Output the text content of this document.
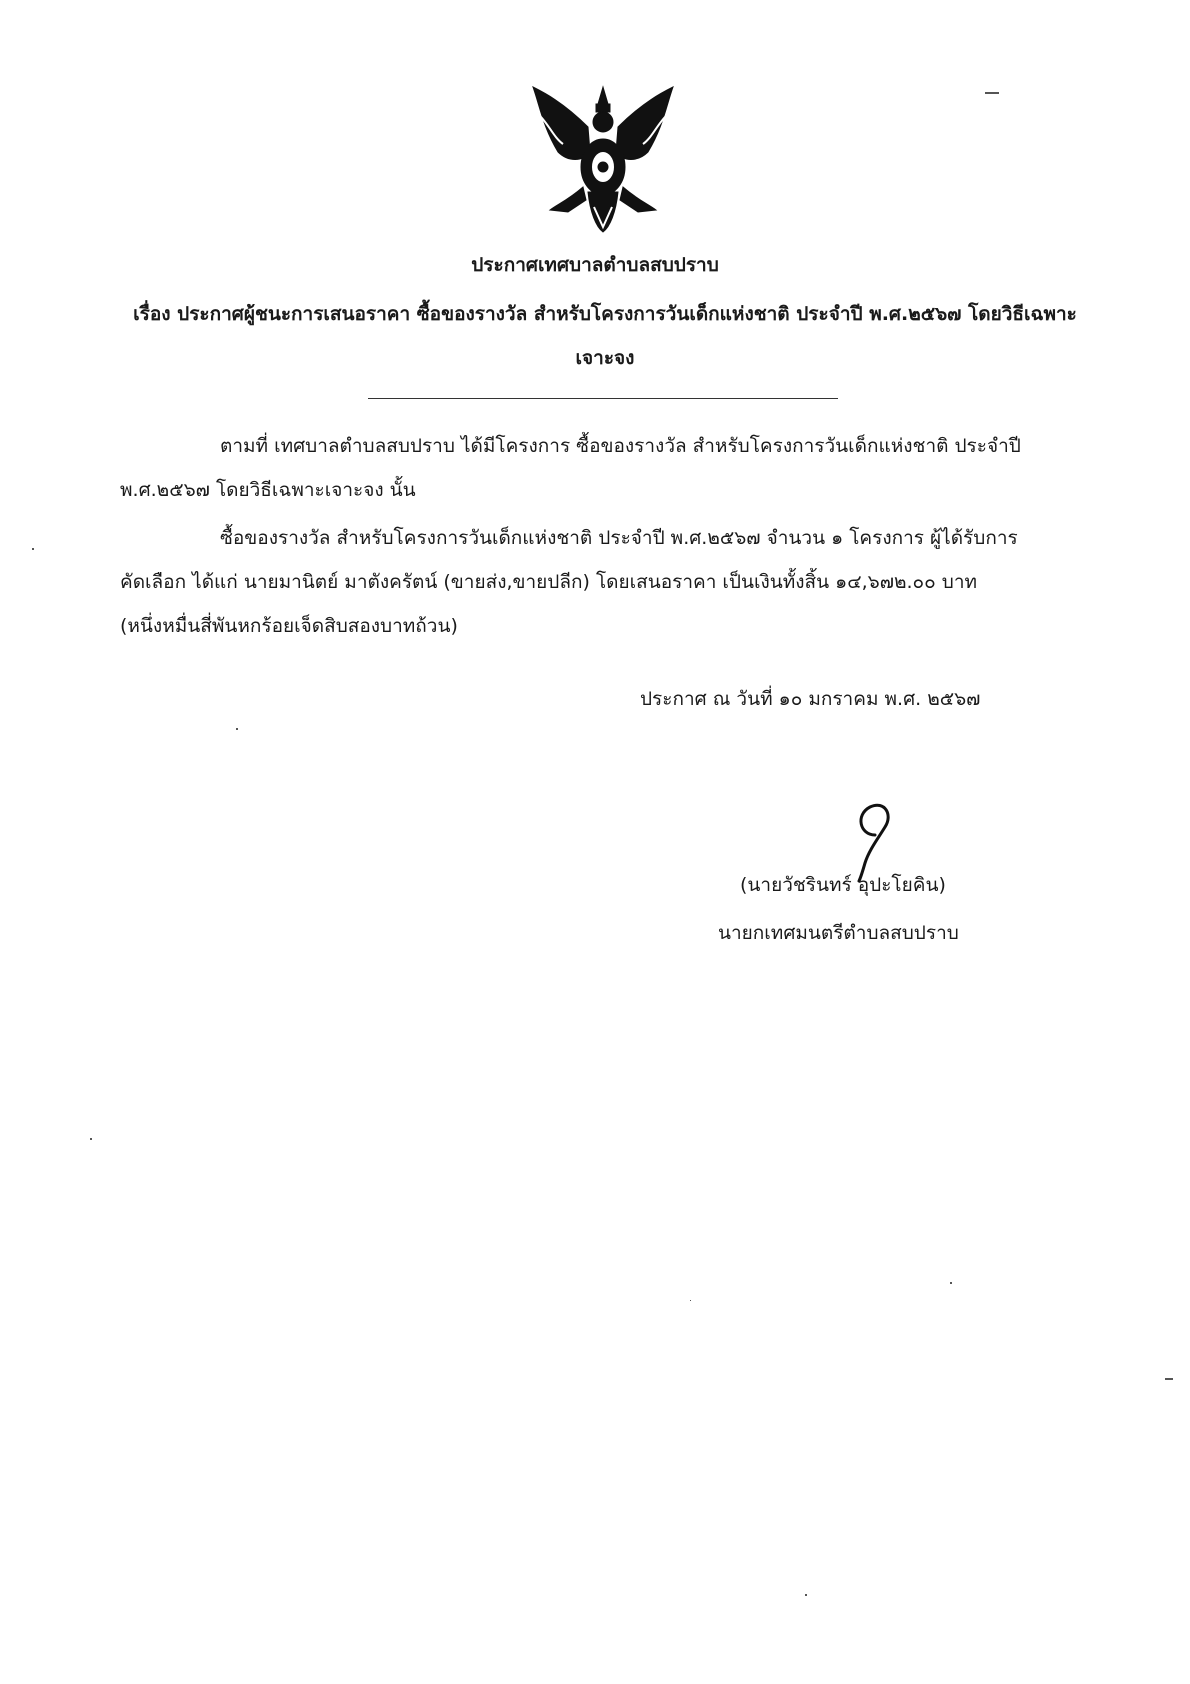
ประกาศเทศบาลตำบลสบปราบ
เรื่อง ประกาศผู้ชนะการเสนอราคา ซื้อของรางวัล สำหรับโครงการวันเด็กแห่งชาติ ประจำปี พ.ศ.๒๕๖๗ โดยวิธีเฉพาะเจาะจง
ตามที่ เทศบาลตำบลสบปราบ ได้มีโครงการ ซื้อของรางวัล สำหรับโครงการวันเด็กแห่งชาติ ประจำปี
พ.ศ.๒๕๖๗ โดยวิธีเฉพาะเจาะจง นั้น
ซื้อของรางวัล สำหรับโครงการวันเด็กแห่งชาติ ประจำปี พ.ศ.๒๕๖๗ จำนวน ๑ โครงการ ผู้ได้รับการ
คัดเลือก ได้แก่ นายมานิตย์ มาตังครัตน์ (ขายส่ง,ขายปลีก) โดยเสนอราคา เป็นเงินทั้งสิ้น ๑๔,๖๗๒.๐๐ บาท
(หนึ่งหมื่นสี่พันหกร้อยเจ็ดสิบสองบาทถ้วน)
ประกาศ ณ วันที่ ๑๐ มกราคม พ.ศ. ๒๕๖๗
(นายวัชรินทร์ อุปะโยคิน)
นายกเทศมนตรีตำบลสบปราบ
